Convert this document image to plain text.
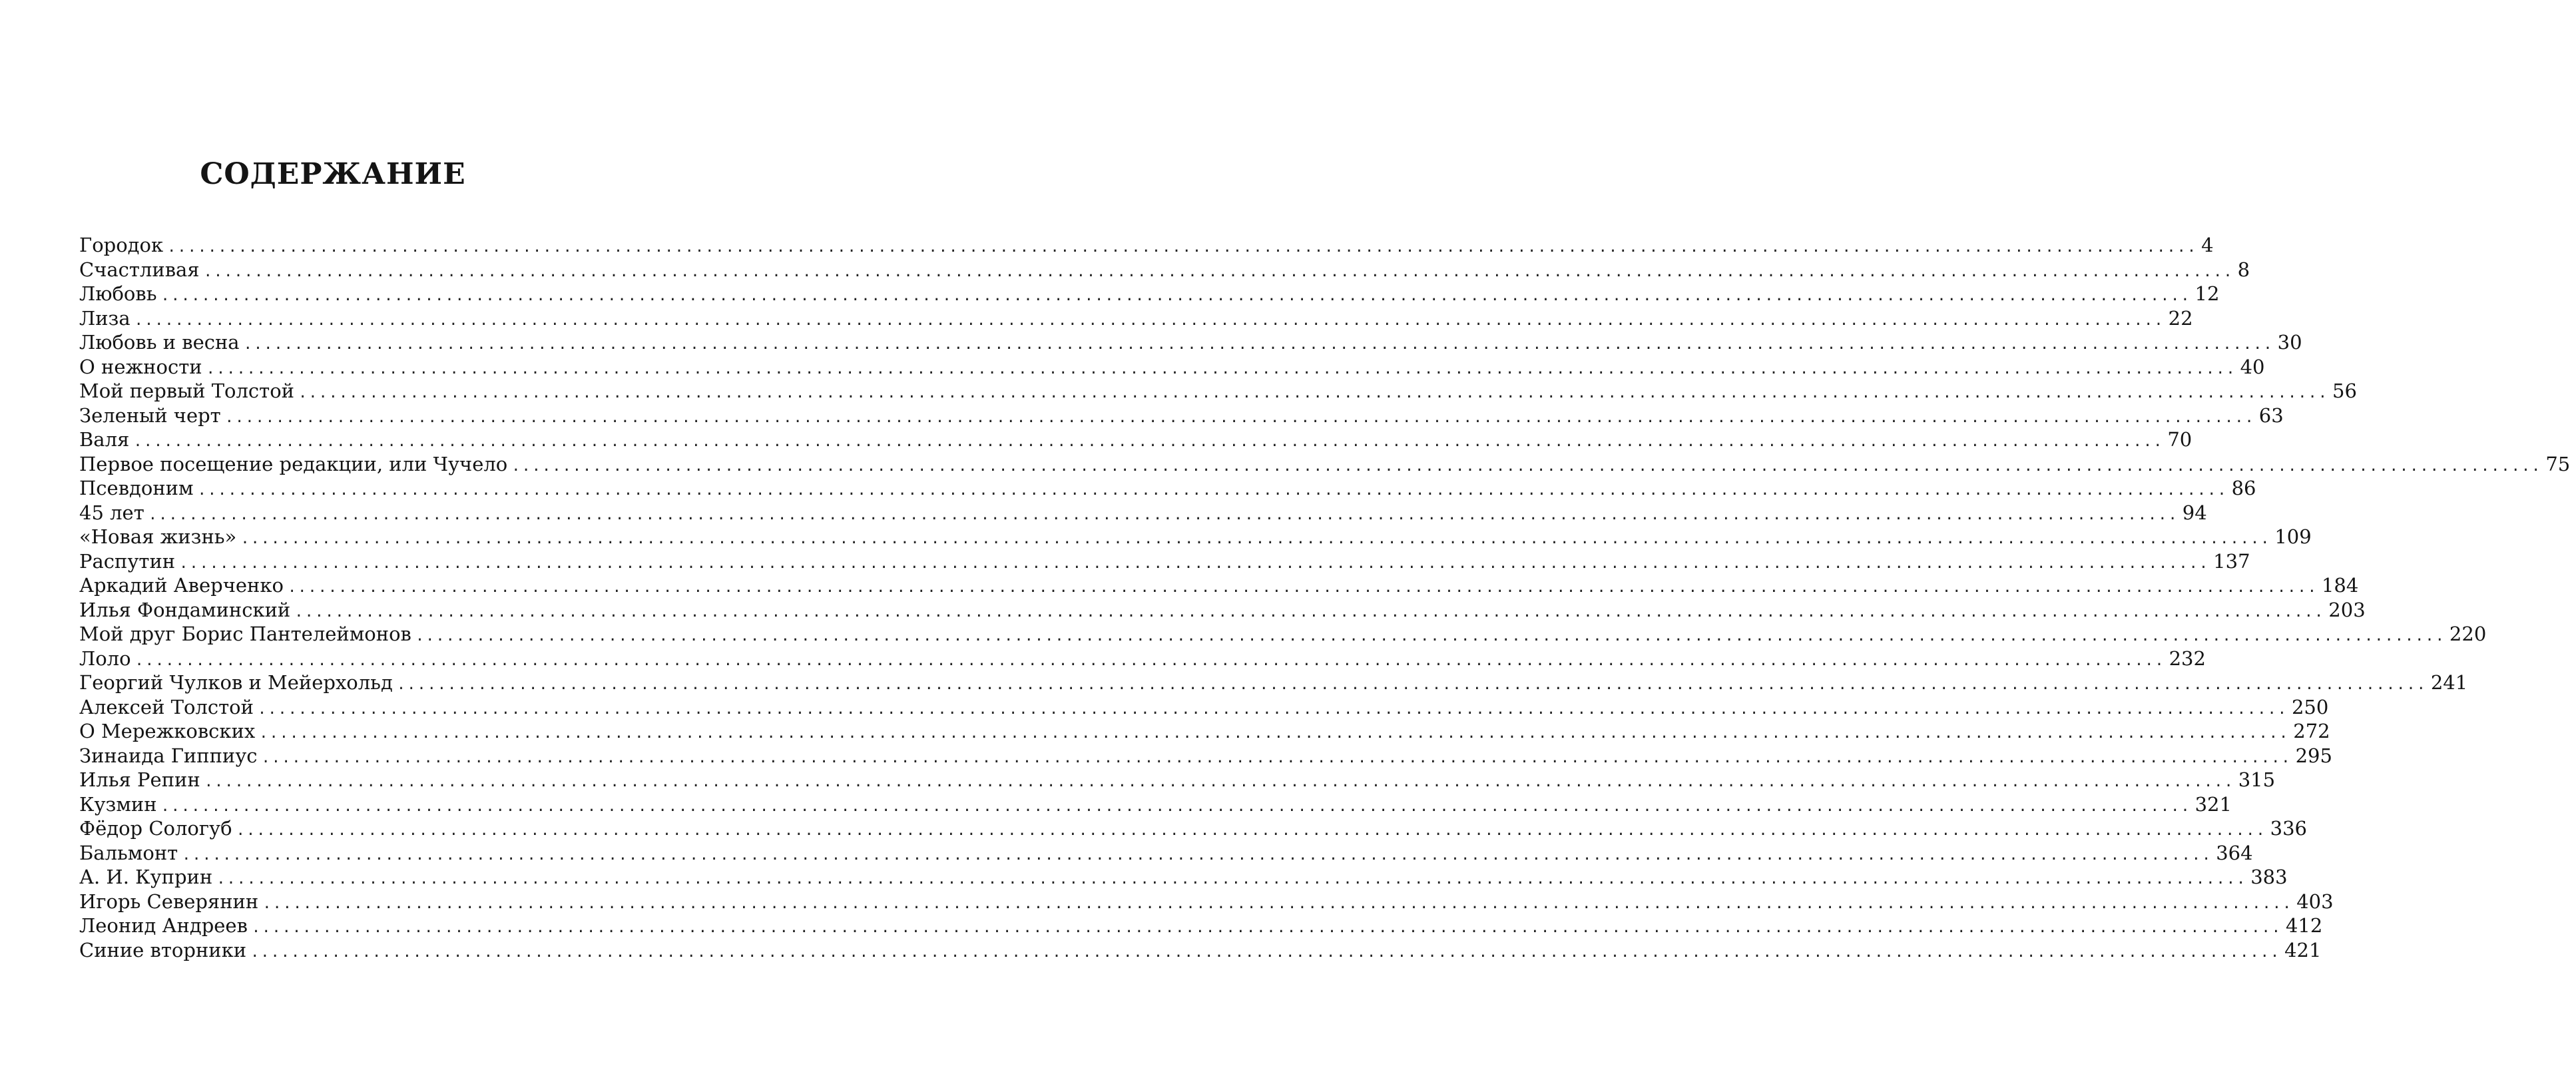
СОДЕРЖАНИЕ
Городок ........................................................................................................................................................................................................ 4
Счастливая ........................................................................................................................................................................................................ 8
Любовь ........................................................................................................................................................................................................ 12
Лиза ........................................................................................................................................................................................................ 22
Любовь и весна ........................................................................................................................................................................................................ 30
О нежности ........................................................................................................................................................................................................ 40
Мой первый Толстой ........................................................................................................................................................................................................ 56
Зеленый черт ........................................................................................................................................................................................................ 63
Валя ........................................................................................................................................................................................................ 70
Первое посещение редакции, или Чучело ........................................................................................................................................................................................................ 75
Псевдоним ........................................................................................................................................................................................................ 86
45 лет ........................................................................................................................................................................................................ 94
«Новая жизнь» ........................................................................................................................................................................................................ 109
Распутин ........................................................................................................................................................................................................ 137
Аркадий Аверченко ........................................................................................................................................................................................................ 184
Илья Фондаминский ........................................................................................................................................................................................................ 203
Мой друг Борис Пантелеймонов ........................................................................................................................................................................................................ 220
Лоло ........................................................................................................................................................................................................ 232
Георгий Чулков и Мейерхольд ........................................................................................................................................................................................................ 241
Алексей Толстой ........................................................................................................................................................................................................ 250
О Мережковских ........................................................................................................................................................................................................ 272
Зинаида Гиппиус ........................................................................................................................................................................................................ 295
Илья Репин ........................................................................................................................................................................................................ 315
Кузмин ........................................................................................................................................................................................................ 321
Фёдор Сологуб ........................................................................................................................................................................................................ 336
Бальмонт ........................................................................................................................................................................................................ 364
А. И. Куприн ........................................................................................................................................................................................................ 383
Игорь Северянин ........................................................................................................................................................................................................ 403
Леонид Андреев ........................................................................................................................................................................................................ 412
Синие вторники ........................................................................................................................................................................................................ 421
